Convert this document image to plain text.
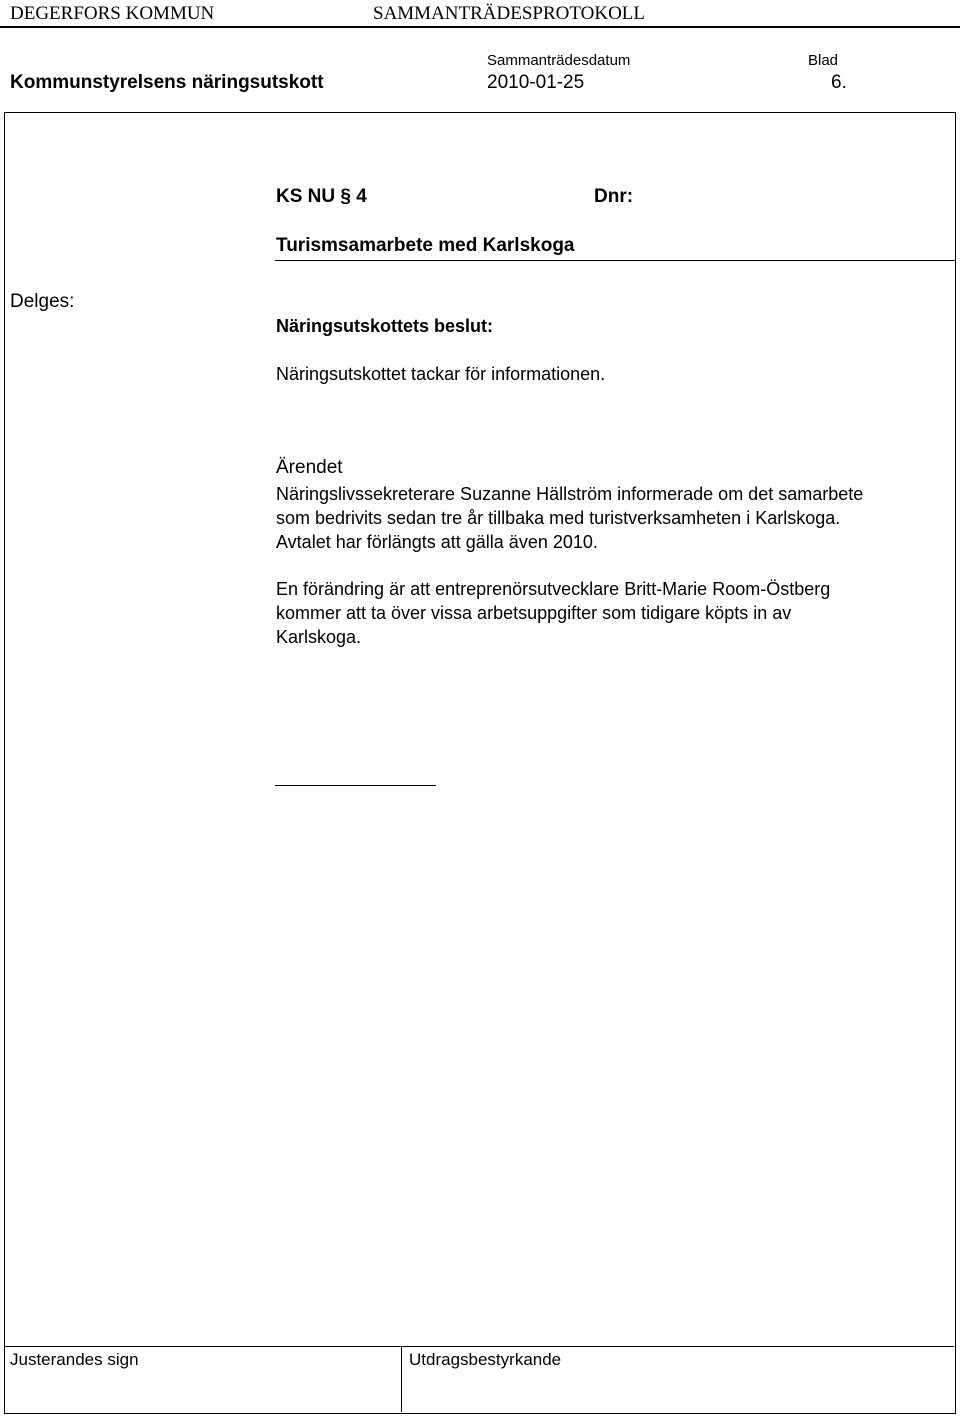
DEGERFORS KOMMUN	SAMMANTRÄDESPROTOKOLL
Sammanträdesdatum	Blad
Kommunstyrelsens näringsutskott	2010-01-25	6.
KS NU § 4	Dnr:
Turismsamarbete med Karlskoga
Delges:
Näringsutskottets beslut:
Näringsutskottet tackar för informationen.
Ärendet
Näringslivssekreterare Suzanne Hällström informerade om det samarbete
som bedrivits sedan tre år tillbaka med turistverksamheten i Karlskoga.
Avtalet har förlängts att gälla även 2010.
En förändring är att entreprenörsutvecklare Britt-Marie Room-Östberg
kommer att ta över vissa arbetsuppgifter som tidigare köpts in av
Karlskoga.
Justerandes sign	Utdragsbestyrkande
